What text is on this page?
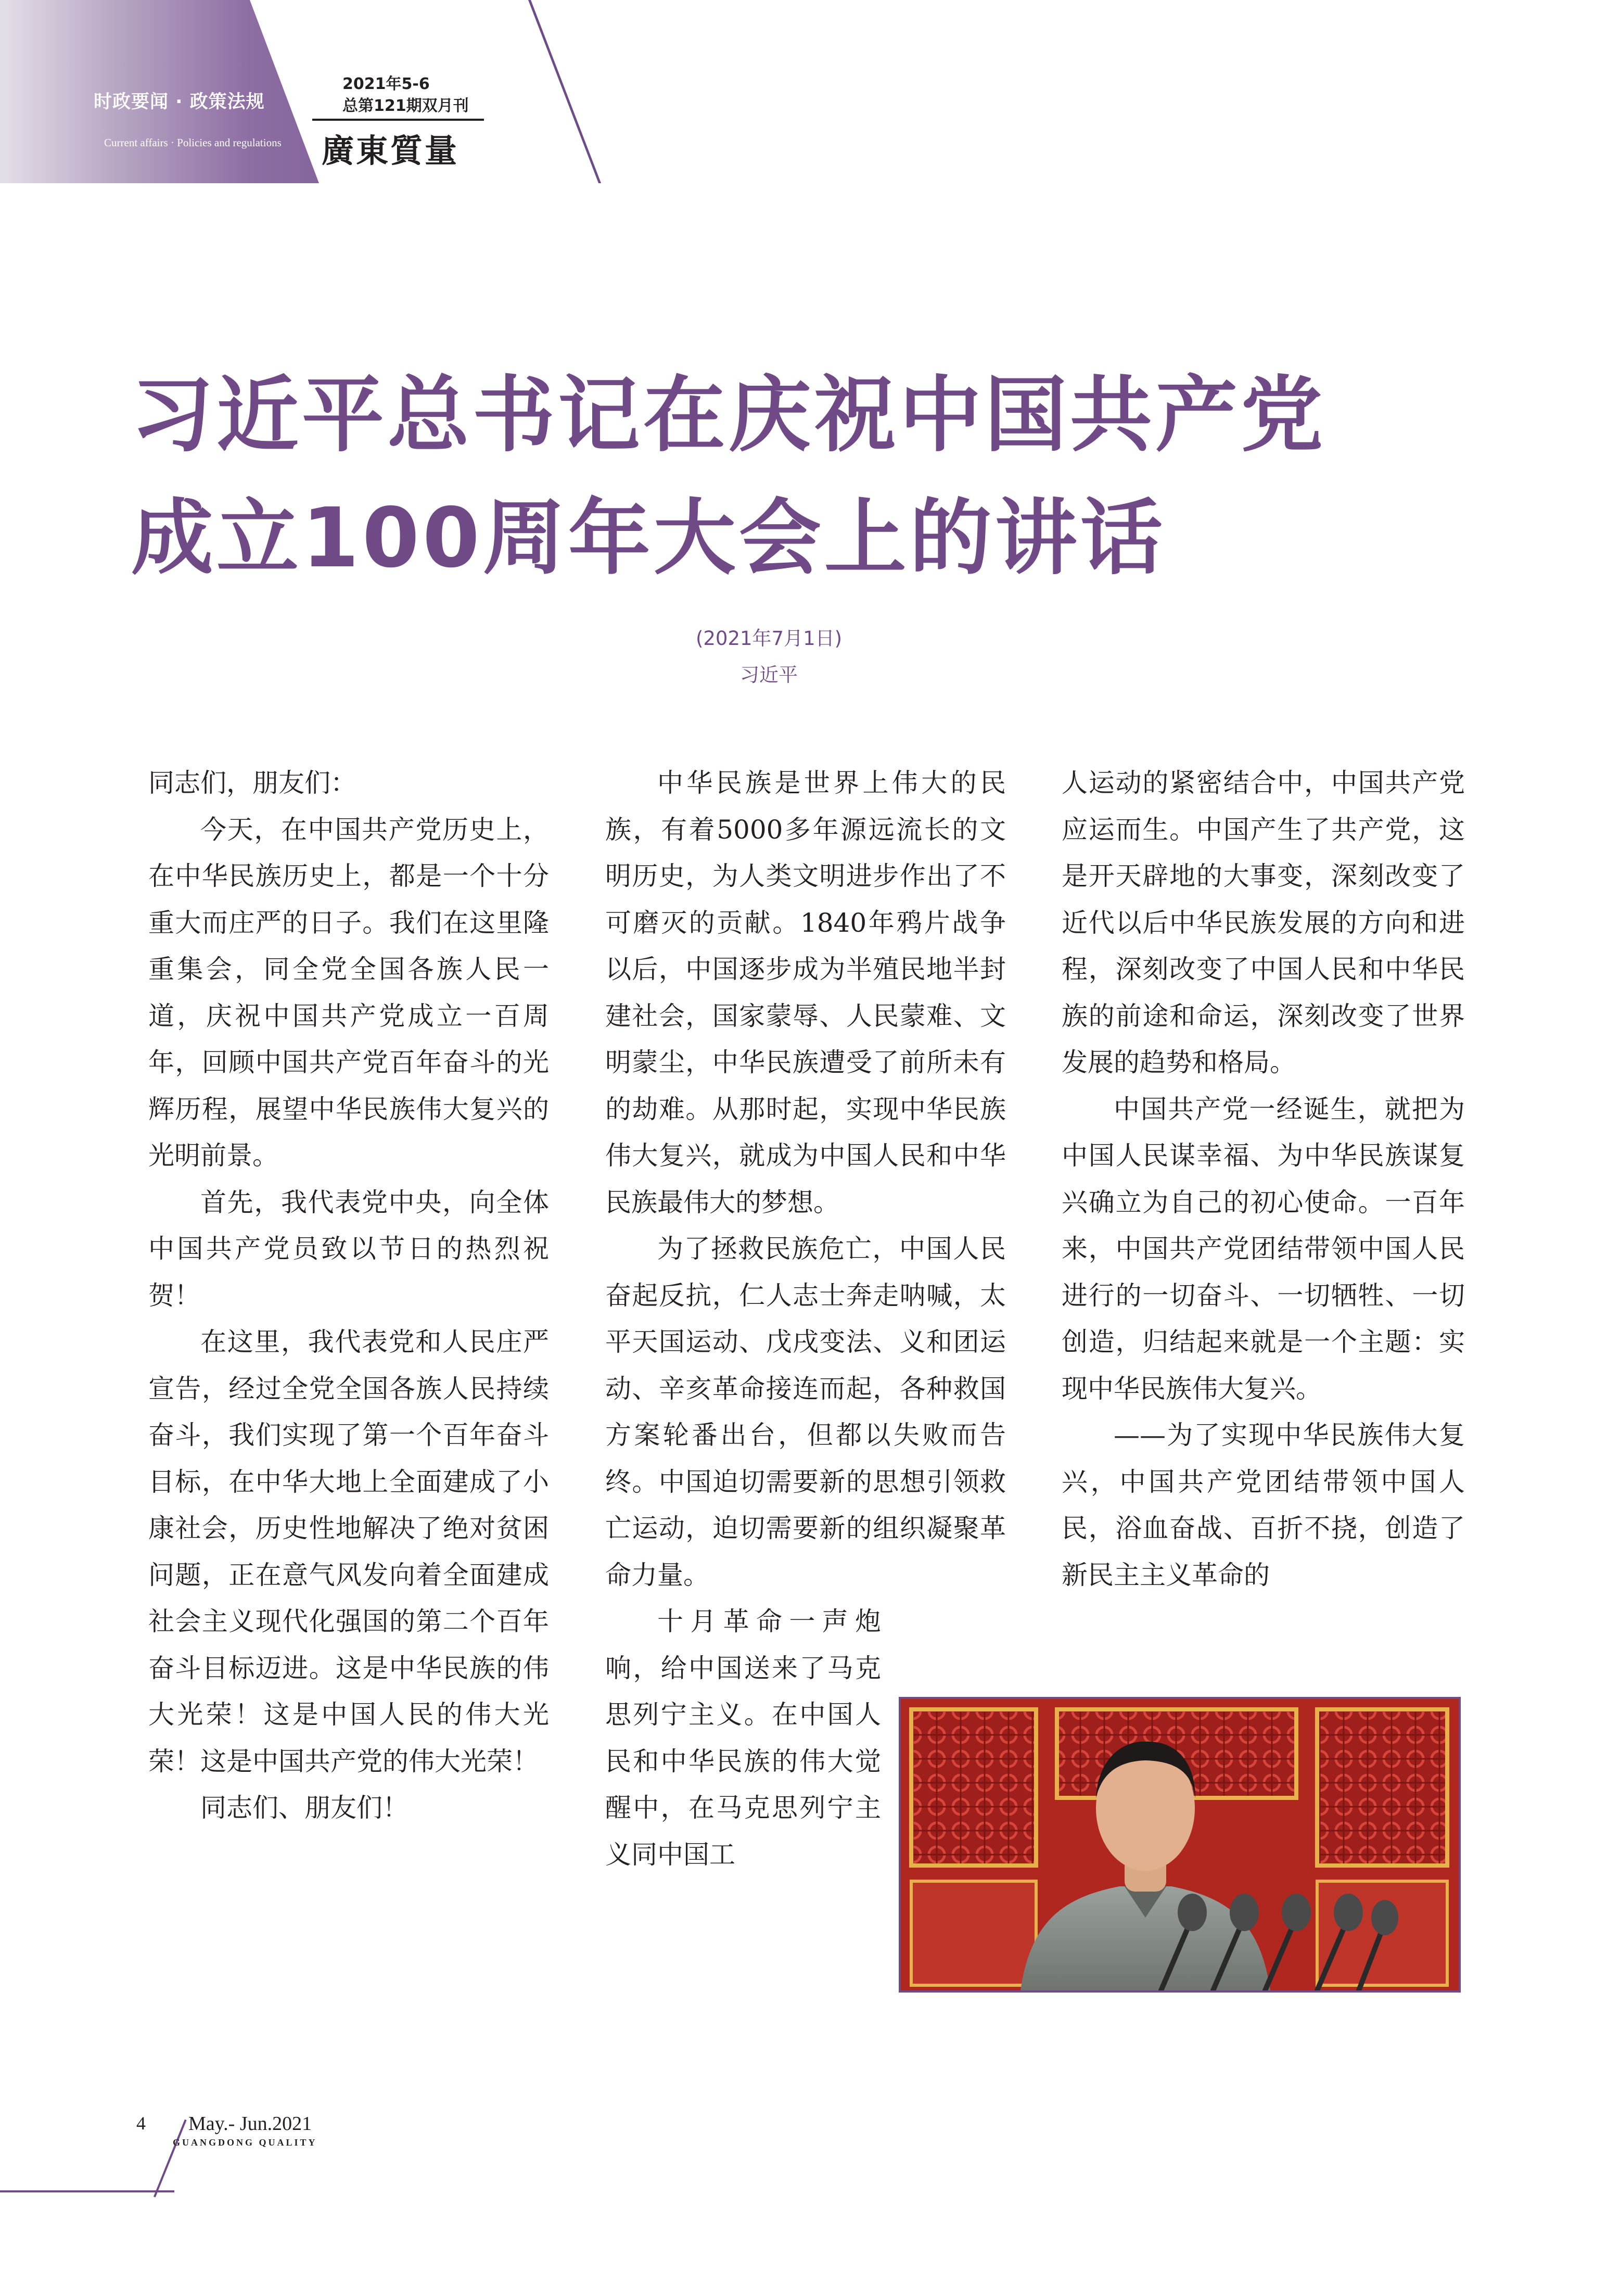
时政要闻 · 政策法规
Current affairs · Policies and regulations
2021年5-6
总第121期双月刊
廣東質量
习近平总书记在庆祝中国共产党
成立100周年大会上的讲话
(2021年7月1日)
习近平

同志们，朋友们：

今天，在中国共产党历史上，在中华民族历史上，都是一个十分重大而庄严的日子。我们在这里隆重集会，同全党全国各族人民一道，庆祝中国共产党成立一百周年，回顾中国共产党百年奋斗的光辉历程，展望中华民族伟大复兴的光明前景。

首先，我代表党中央，向全体中国共产党员致以节日的热烈祝贺！

在这里，我代表党和人民庄严宣告，经过全党全国各族人民持续奋斗，我们实现了第一个百年奋斗目标，在中华大地上全面建成了小康社会，历史性地解决了绝对贫困问题，正在意气风发向着全面建成社会主义现代化强国的第二个百年奋斗目标迈进。这是中华民族的伟大光荣！这是中国人民的伟大光荣！这是中国共产党的伟大光荣！

同志们、朋友们！

中华民族是世界上伟大的民族，有着5000多年源远流长的文明历史，为人类文明进步作出了不可磨灭的贡献。1840年鸦片战争以后，中国逐步成为半殖民地半封建社会，国家蒙辱、人民蒙难、文明蒙尘，中华民族遭受了前所未有的劫难。从那时起，实现中华民族伟大复兴，就成为中国人民和中华民族最伟大的梦想。

为了拯救民族危亡，中国人民奋起反抗，仁人志士奔走呐喊，太平天国运动、戊戌变法、义和团运动、辛亥革命接连而起，各种救国方案轮番出台，但都以失败而告终。中国迫切需要新的思想引领救亡运动，迫切需要新的组织凝聚革命力量。

十月革命一声炮响，给中国送来了马克思列宁主义。在中国人民和中华民族的伟大觉醒中，在马克思列宁主义同中国工

人运动的紧密结合中，中国共产党应运而生。中国产生了共产党，这是开天辟地的大事变，深刻改变了近代以后中华民族发展的方向和进程，深刻改变了中国人民和中华民族的前途和命运，深刻改变了世界发展的趋势和格局。

中国共产党一经诞生，就把为中国人民谋幸福、为中华民族谋复兴确立为自己的初心使命。一百年来，中国共产党团结带领中国人民进行的一切奋斗、一切牺牲、一切创造，归结起来就是一个主题：实现中华民族伟大复兴。

——为了实现中华民族伟大复兴，中国共产党团结带领中国人民，浴血奋战、百折不挠，创造了新民主主义革命的

4 May.- Jun.2021
GUANGDONG QUALITY
